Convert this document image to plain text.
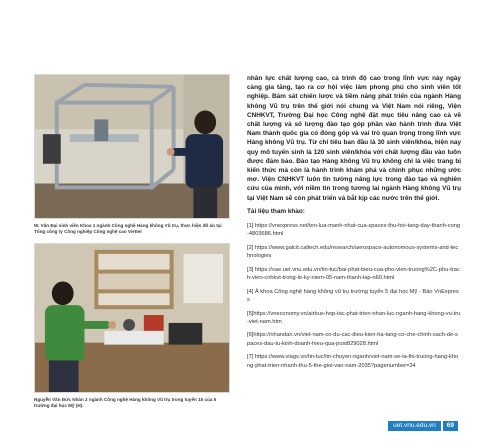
W. Văn Đại sinh viên Khoa 1 ngành Công nghệ Hàng không Vũ trụ, thực hiện đồ án tại Tổng công ty Công nghiệp Công nghệ cao Viettel
Nguyễn Văn Đức Nhân 2 ngành Công nghệ Hàng không Vũ trụ trong tuyển 15 của 5 trường đại học Mỹ (H).

nhân lực chất lượng cao, cả trình độ cao trong lĩnh vực này ngày càng gia tăng, tạo ra cơ hội việc làm phong phú cho sinh viên tốt nghiệp. Bám sát chiến lược và tiềm năng phát triển của ngành Hàng không Vũ trụ trên thế giới nói chung và Việt Nam nói riêng, Viện CNHKVT, Trường Đại học Công nghệ đặt mục tiêu nâng cao cả về chất lượng và số lượng đào tạo góp phần vào hành trình đưa Việt Nam thành quốc gia có đóng góp và vai trò quan trọng trong lĩnh vực Hàng không Vũ trụ. Từ chỉ tiêu ban đầu là 30 sinh viên/khóa, hiện nay quy mô tuyển sinh là 120 sinh viên/khóa với chất lượng đầu vào luôn được đảm bảo. Đào tạo Hàng không Vũ trụ không chỉ là việc trang bị kiến thức mà còn là hành trình khám phá và chinh phục những ước mơ. Viện CNHKVT luôn tin tưởng nâng lực trong đào tạo và nghiên cứu của mình, với niềm tin trong tương lai ngành Hàng không Vũ trụ tại Việt Nam sẽ còn phát triển và bắt kịp các nước trên thế giới.

Tài liệu tham khảo:
[1] https://vnexpress.net/ten-lua-manh-nhat-cua-spacex-thu-hoi-tang-day-thanh-cong-4803686.html
[2] https://www.galcit.caltech.edu/research/aerospace-autonomous-systems-and-technologies
[3] https://sae.uet.vnu.edu.vn/tin-tuc/bai-phat-bieu-cua-pho-vien-truong%2C-phu-trach-vien-cnhkvt-trong-le-ky-niem-05-nam-thanh-lap-n60.html
[4] Ả khoa Công nghệ hàng không vũ trụ trường tuyển 5 đại học Mỹ - Báo VnExpress
[5]https://vneconomy.vn/airbus-hop-tac-phat-trien-nhan-luc-nganh-hang-khong-vu-tru-viet-nam.htm
[6]https://nhandan.vn/viet-nam-co-du-cac-dieu-kien-ha-tang-co-che-chinh-sach-de-spaces-dau-tu-kinh-doanh-hieu-qua-post829028.html
[7] https://www.viags.vn/tin-tuc/tin-chuyen-nganh/viet-nam-se-la-thi-truong-hang-khong-phat-trien-nhanh-thu-5-the-gioi-vao-nam-2035?pagenumber=34
uet.vnu.edu.vn	69
